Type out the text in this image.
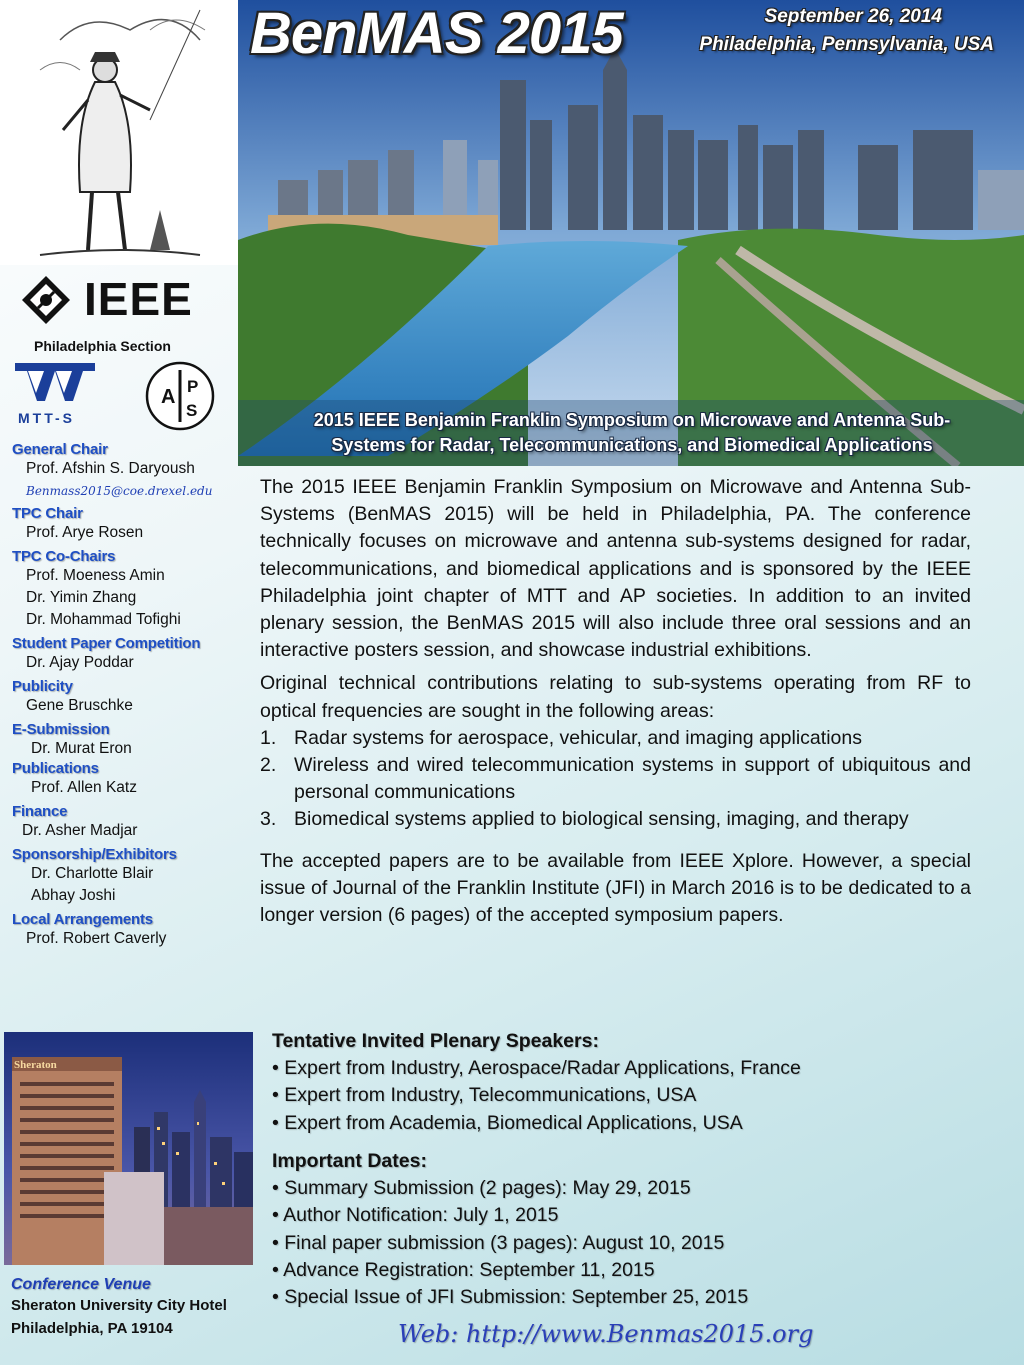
IEEE
Philadelphia Section
MTT-S
A P
S
General Chair
Prof. Afshin S. Daryoush
Benmass2015@coe.drexel.edu
TPC Chair
Prof. Arye Rosen
TPC Co-Chairs
Prof. Moeness Amin
Dr. Yimin Zhang
Dr. Mohammad Tofighi
Student Paper Competition
Dr. Ajay Poddar
Publicity
Gene Bruschke
E-Submission
Dr. Murat Eron
Publications
Prof. Allen Katz
Finance
Dr. Asher Madjar
Sponsorship/Exhibitors
Dr. Charlotte Blair
Abhay Joshi
Local Arrangements
Prof. Robert Caverly
Sheraton
Conference Venue
Sheraton University City Hotel
Philadelphia, PA 19104
BenMAS 2015	September 26, 2014
Philadelphia, Pennsylvania, USA
2015 IEEE Benjamin Franklin Symposium on Microwave and Antenna Sub-
Systems for Radar, Telecommunications, and Biomedical Applications

The 2015 IEEE Benjamin Franklin Symposium on Microwave and Antenna Sub-Systems (BenMAS 2015) will be held in Philadelphia, PA. The conference technically focuses on microwave and antenna sub-systems designed for radar, telecommunications, and biomedical applications and is sponsored by the IEEE Philadelphia joint chapter of MTT and AP societies. In addition to an invited plenary session, the BenMAS 2015 will also include three oral sessions and an interactive posters session, and showcase industrial exhibitions.

Original technical contributions relating to sub-systems operating from RF to optical frequencies are sought in the following areas:

1. Radar systems for aerospace, vehicular, and imaging applications
2. Wireless and wired telecommunication systems in support of ubiquitous and personal communications
3. Biomedical systems applied to biological sensing, imaging, and therapy

The accepted papers are to be available from IEEE Xplore. However, a special issue of Journal of the Franklin Institute (JFI) in March 2016 is to be dedicated to a longer version (6 pages) of the accepted symposium papers.

Tentative Invited Plenary Speakers:
• Expert from Industry, Aerospace/Radar Applications, France
• Expert from Industry, Telecommunications, USA
• Expert from Academia, Biomedical Applications, USA
Important Dates:
• Summary Submission (2 pages): May 29, 2015
• Author Notification: July 1, 2015
• Final paper submission (3 pages): August 10, 2015
• Advance Registration: September 11, 2015
• Special Issue of JFI Submission: September 25, 2015
Web: http://www.Benmas2015.org
